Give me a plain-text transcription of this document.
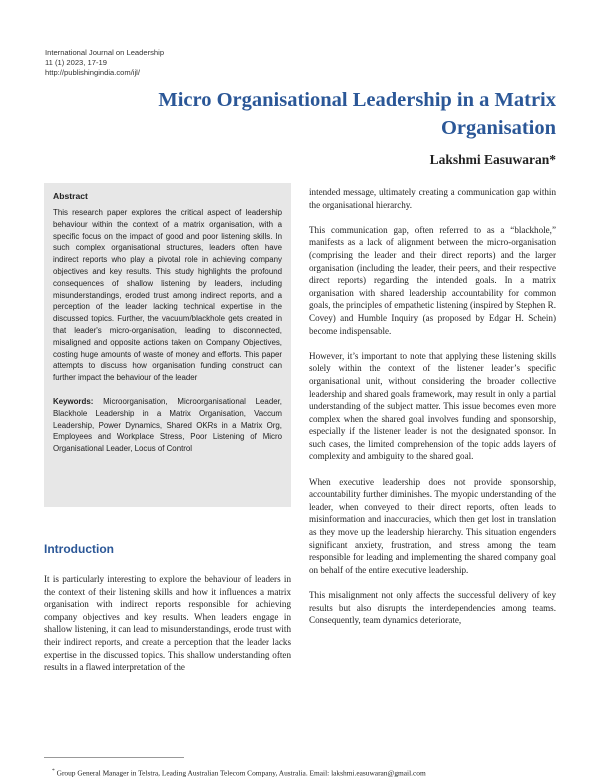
International Journal on Leadership
11 (1) 2023, 17-19
http://publishingindia.com/ijl/
Micro Organisational Leadership in a Matrix Organisation
Lakshmi Easuwaran*
Abstract

This research paper explores the critical aspect of leadership behaviour within the context of a matrix organisation, with a specific focus on the impact of good and poor listening skills. In such complex organisational structures, leaders often have indirect reports who play a pivotal role in achieving company objectives and key results. This study highlights the profound consequences of shallow listening by leaders, including misunderstandings, eroded trust among indirect reports, and a perception of the leader lacking technical expertise in the discussed topics. Further, the vacuum/blackhole gets created in that leader's micro-organisation, leading to disconnected, misaligned and opposite actions taken on Company Objectives, costing huge amounts of waste of money and efforts. This paper attempts to discuss how organisation funding construct can further impact the behaviour of the leader

Keywords: Microorganisation, Microorganisational Leader, Blackhole Leadership in a Matrix Organisation, Vaccum Leadership, Power Dynamics, Shared OKRs in a Matrix Org, Employees and Workplace Stress, Poor Listening of Micro Organisational Leader, Locus of Control

Introduction

It is particularly interesting to explore the behaviour of leaders in the context of their listening skills and how it influences a matrix organisation with indirect reports responsible for achieving company objectives and key results. When leaders engage in shallow listening, it can lead to misunderstandings, erode trust with their indirect reports, and create a perception that the leader lacks expertise in the discussed topics. This shallow understanding often results in a flawed interpretation of the

intended message, ultimately creating a communication gap within the organisational hierarchy.

This communication gap, often referred to as a “blackhole,” manifests as a lack of alignment between the micro-organisation (comprising the leader and their direct reports) and the larger organisation (including the leader, their peers, and their respective direct reports) regarding the intended goals. In a matrix organisation with shared leadership accountability for common goals, the principles of empathetic listening (inspired by Stephen R. Covey) and Humble Inquiry (as proposed by Edgar H. Schein) become indispensable.

However, it’s important to note that applying these listening skills solely within the context of the listener leader’s specific organisational unit, without considering the broader collective leadership and shared goals framework, may result in only a partial understanding of the subject matter. This issue becomes even more complex when the shared goal involves funding and sponsorship, especially if the listener leader is not the designated sponsor. In such cases, the limited comprehension of the topic adds layers of complexity and ambiguity to the shared goal.

When executive leadership does not provide sponsorship, accountability further diminishes. The myopic understanding of the leader, when conveyed to their direct reports, often leads to misinformation and inaccuracies, which then get lost in translation as they move up the leadership hierarchy. This situation engenders significant anxiety, frustration, and stress among the team responsible for leading and implementing the shared company goal on behalf of the entire executive leadership.

This misalignment not only affects the successful delivery of key results but also disrupts the interdependencies among teams. Consequently, team dynamics deteriorate,

* Group General Manager in Telstra, Leading Australian Telecom Company, Australia. Email: lakshmi.easuwaran@gmail.com
